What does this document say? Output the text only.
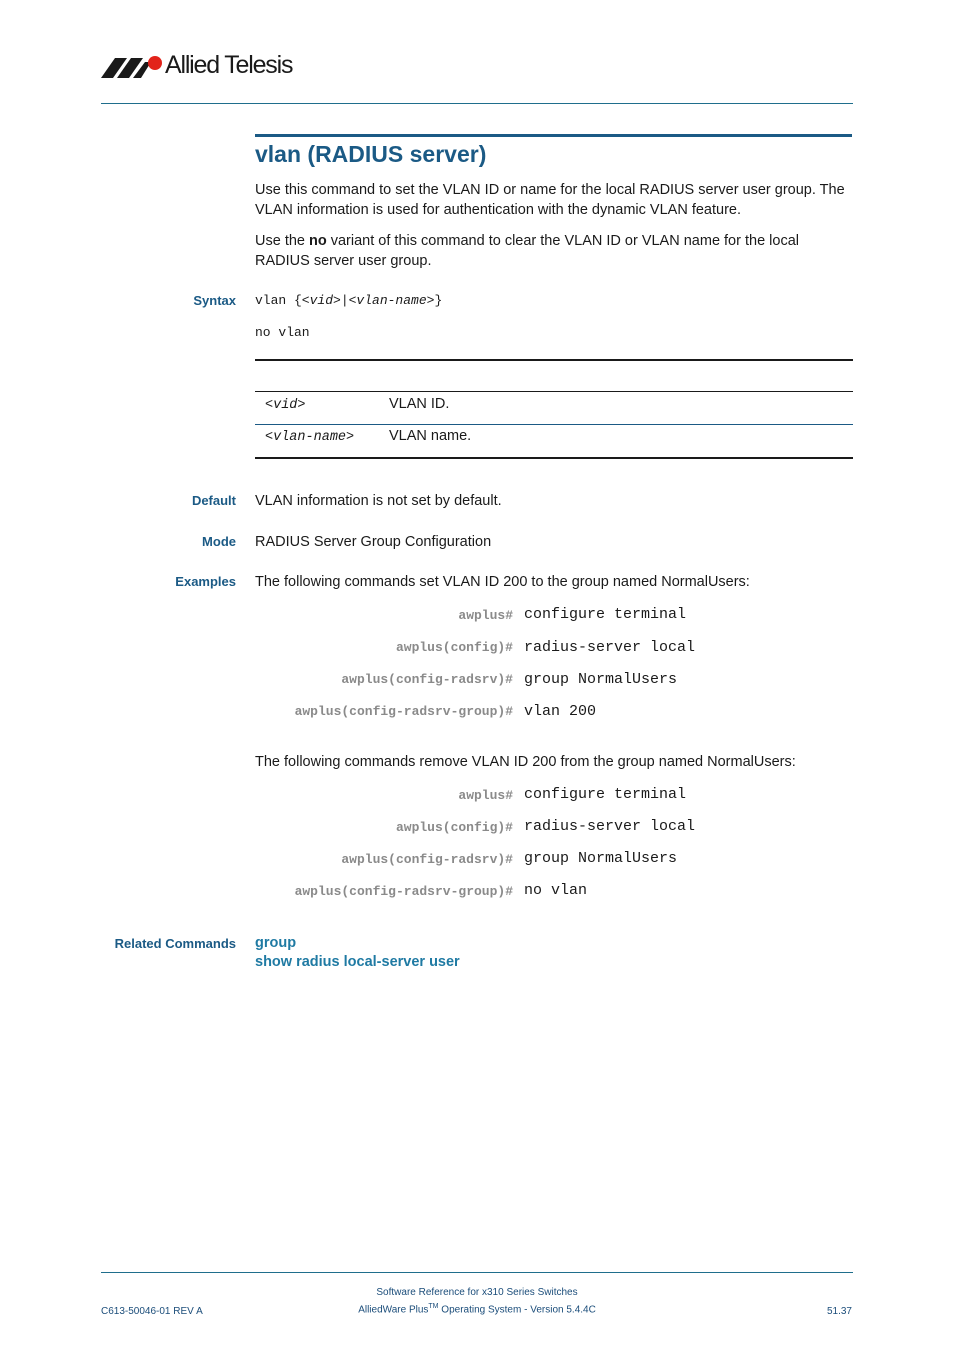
Allied Telesis
vlan (RADIUS server)
Use this command to set the VLAN ID or name for the local RADIUS server user group. The VLAN information is used for authentication with the dynamic VLAN feature.
Use the no variant of this command to clear the VLAN ID or VLAN name for the local RADIUS server user group.
Syntax vlan {<vid>|<vlan-name>}
no vlan
<vid>	VLAN ID.
<vlan-name> VLAN name.
Default VLAN information is not set by default.
Mode RADIUS Server Group Configuration
Examples The following commands set VLAN ID 200 to the group named NormalUsers:
awplus# configure terminal
awplus(config)# radius-server local
awplus(config-radsrv)# group NormalUsers
awplus(config-radsrv-group)# vlan 200
The following commands remove VLAN ID 200 from the group named NormalUsers:
awplus# configure terminal
awplus(config)# radius-server local
awplus(config-radsrv)# group NormalUsers
awplus(config-radsrv-group)# no vlan
Related Commands group
show radius local-server user
Software Reference for x310 Series Switches
C613-50046-01 REV A	AlliedWare Plus™ Operating System - Version 5.4.4C	51.37
